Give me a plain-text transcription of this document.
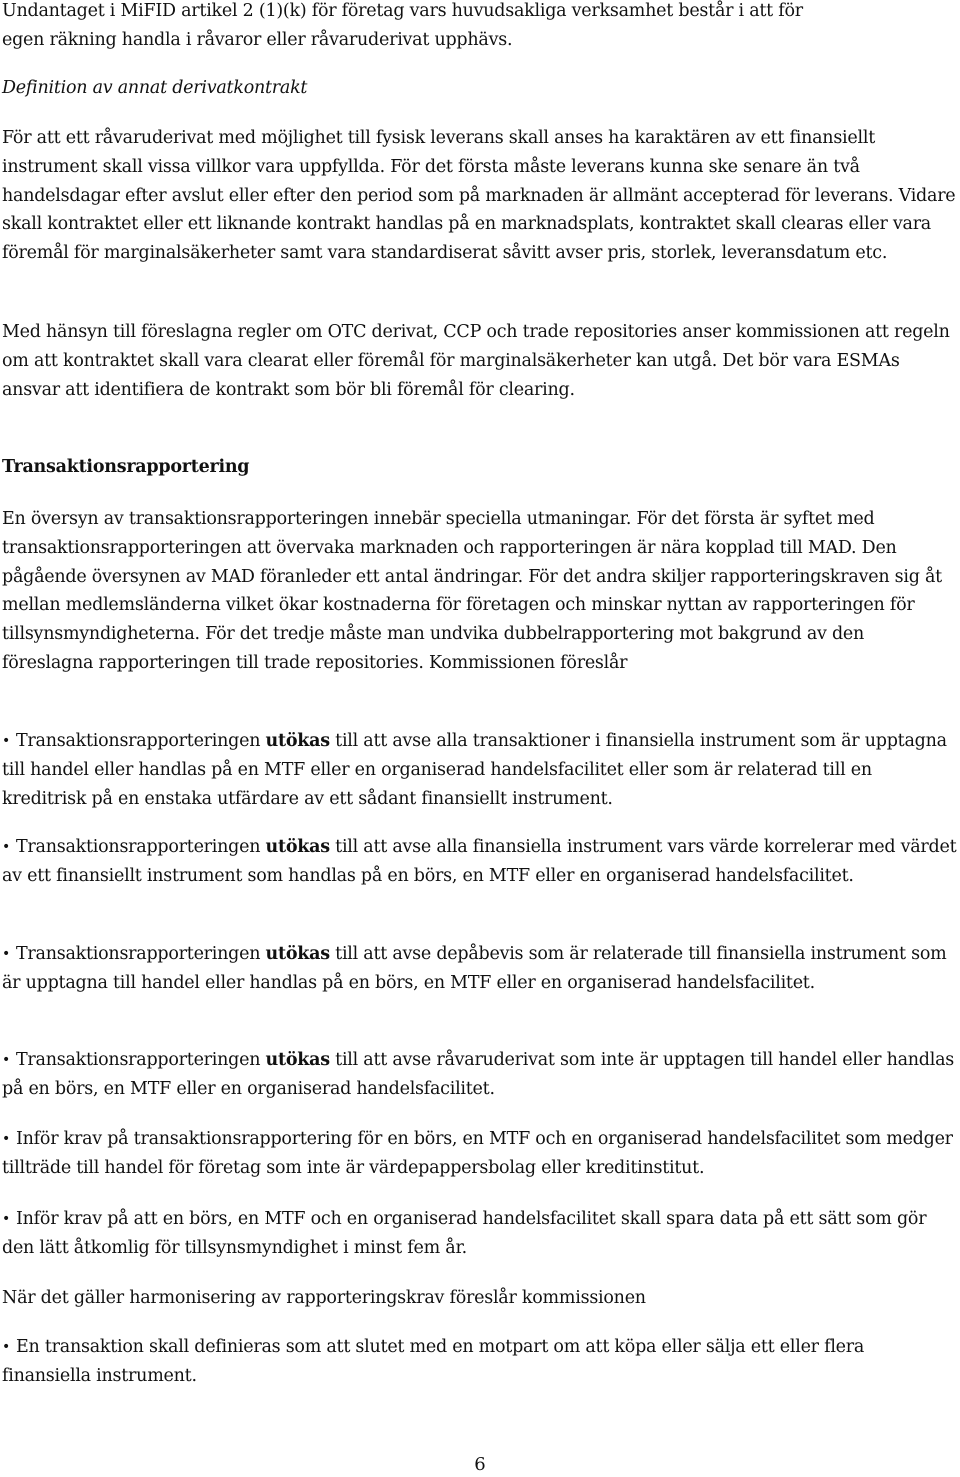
Undantaget i MiFID artikel 2 (1)(k) för företag vars huvudsakliga verksamhet består i att för
egen räkning handla i råvaror eller råvaruderivat upphävs.

Definition av annat derivatkontrakt

För att ett råvaruderivat med möjlighet till fysisk leverans skall anses ha karaktären av ett finansiellt instrument skall vissa villkor vara uppfyllda. För det första måste leverans kunna ske senare än två handelsdagar efter avslut eller efter den period som på marknaden är allmänt accepterad för leverans. Vidare skall kontraktet eller ett liknande kontrakt handlas på en marknadsplats, kontraktet skall clearas eller vara föremål för marginalsäkerheter samt vara standardiserat såvitt avser pris, storlek, leveransdatum etc.

Med hänsyn till föreslagna regler om OTC derivat, CCP och trade repositories anser kommissionen att regeln om att kontraktet skall vara clearat eller föremål för marginalsäkerheter kan utgå. Det bör vara ESMAs ansvar att identifiera de kontrakt som bör bli föremål för clearing.

Transaktionsrapportering

En översyn av transaktionsrapporteringen innebär speciella utmaningar. För det första är syftet med transaktionsrapporteringen att övervaka marknaden och rapporteringen är nära kopplad till MAD. Den pågående översynen av MAD föranleder ett antal ändringar. För det andra skiljer rapporteringskraven sig åt mellan medlemsländerna vilket ökar kostnaderna för företagen och minskar nyttan av rapporteringen för tillsynsmyndigheterna. För det tredje måste man undvika dubbelrapportering mot bakgrund av den föreslagna rapporteringen till trade repositories. Kommissionen föreslår

• Transaktionsrapporteringen utökas till att avse alla transaktioner i finansiella instrument som är upptagna till handel eller handlas på en MTF eller en organiserad handelsfacilitet eller som är relaterad till en kreditrisk på en enstaka utfärdare av ett sådant finansiellt instrument.

• Transaktionsrapporteringen utökas till att avse alla finansiella instrument vars värde korrelerar med värdet av ett finansiellt instrument som handlas på en börs, en MTF eller en organiserad handelsfacilitet.

• Transaktionsrapporteringen utökas till att avse depåbevis som är relaterade till finansiella instrument som är upptagna till handel eller handlas på en börs, en MTF eller en organiserad handelsfacilitet.

• Transaktionsrapporteringen utökas till att avse råvaruderivat som inte är upptagen till handel eller handlas på en börs, en MTF eller en organiserad handelsfacilitet.

• Inför krav på transaktionsrapportering för en börs, en MTF och en organiserad handelsfacilitet som medger tillträde till handel för företag som inte är värdepappersbolag eller kreditinstitut.

• Inför krav på att en börs, en MTF och en organiserad handelsfacilitet skall spara data på ett sätt som gör den lätt åtkomlig för tillsynsmyndighet i minst fem år.

När det gäller harmonisering av rapporteringskrav föreslår kommissionen

• En transaktion skall definieras som att slutet med en motpart om att köpa eller sälja ett eller flera finansiella instrument.

6
